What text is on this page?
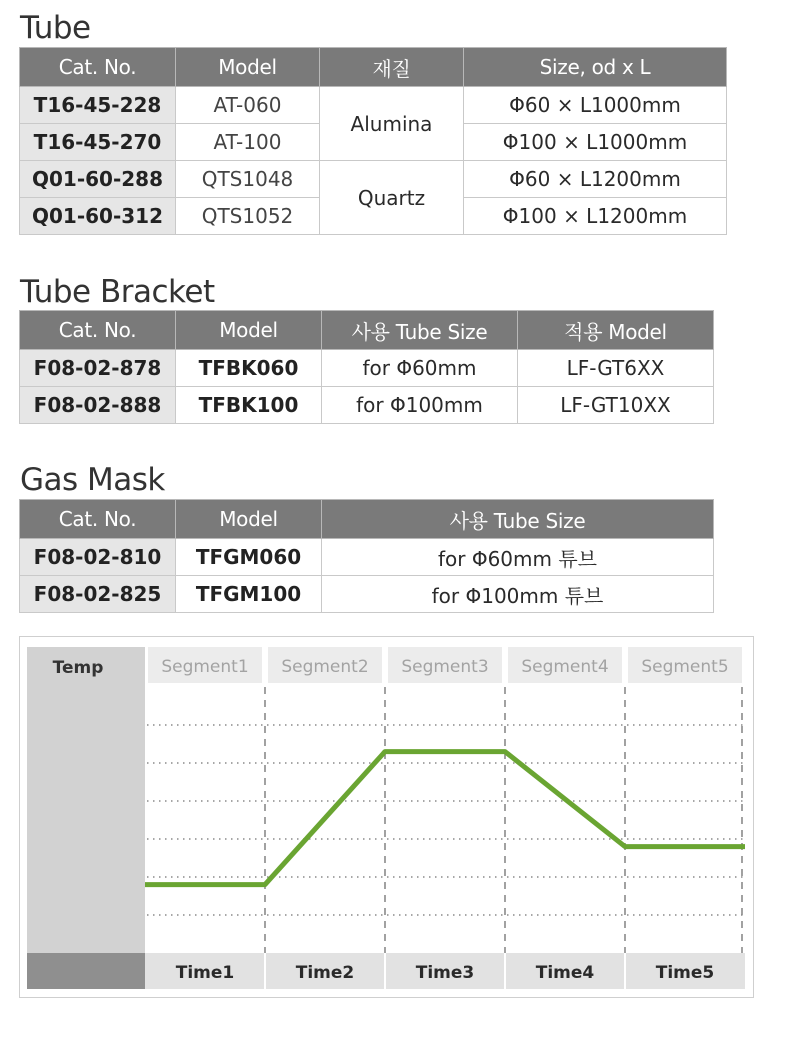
Tube
Cat. No.	Model	재질	Size, od x L
T16-45-228	AT-060	Alumina	Φ60 × L1000mm
T16-45-270	AT-100		Φ100 × L1000mm
Q01-60-288	QTS1048	Quartz	Φ60 × L1200mm
Q01-60-312	QTS1052		Φ100 × L1200mm
Tube Bracket
Cat. No.	Model	사용 Tube Size	적용 Model
F08-02-878	TFBK060	for Φ60mm	LF-GT6XX
F08-02-888	TFBK100	for Φ100mm	LF-GT10XX
Gas Mask
Cat. No.	Model	사용 Tube Size
F08-02-810	TFGM060	for Φ60mm 튜브
F08-02-825	TFGM100	for Φ100mm 튜브
Temp	Segment1 Segment2 Segment3 Segment4 Segment5
Time1	Time2	Time3	Time4	Time5
